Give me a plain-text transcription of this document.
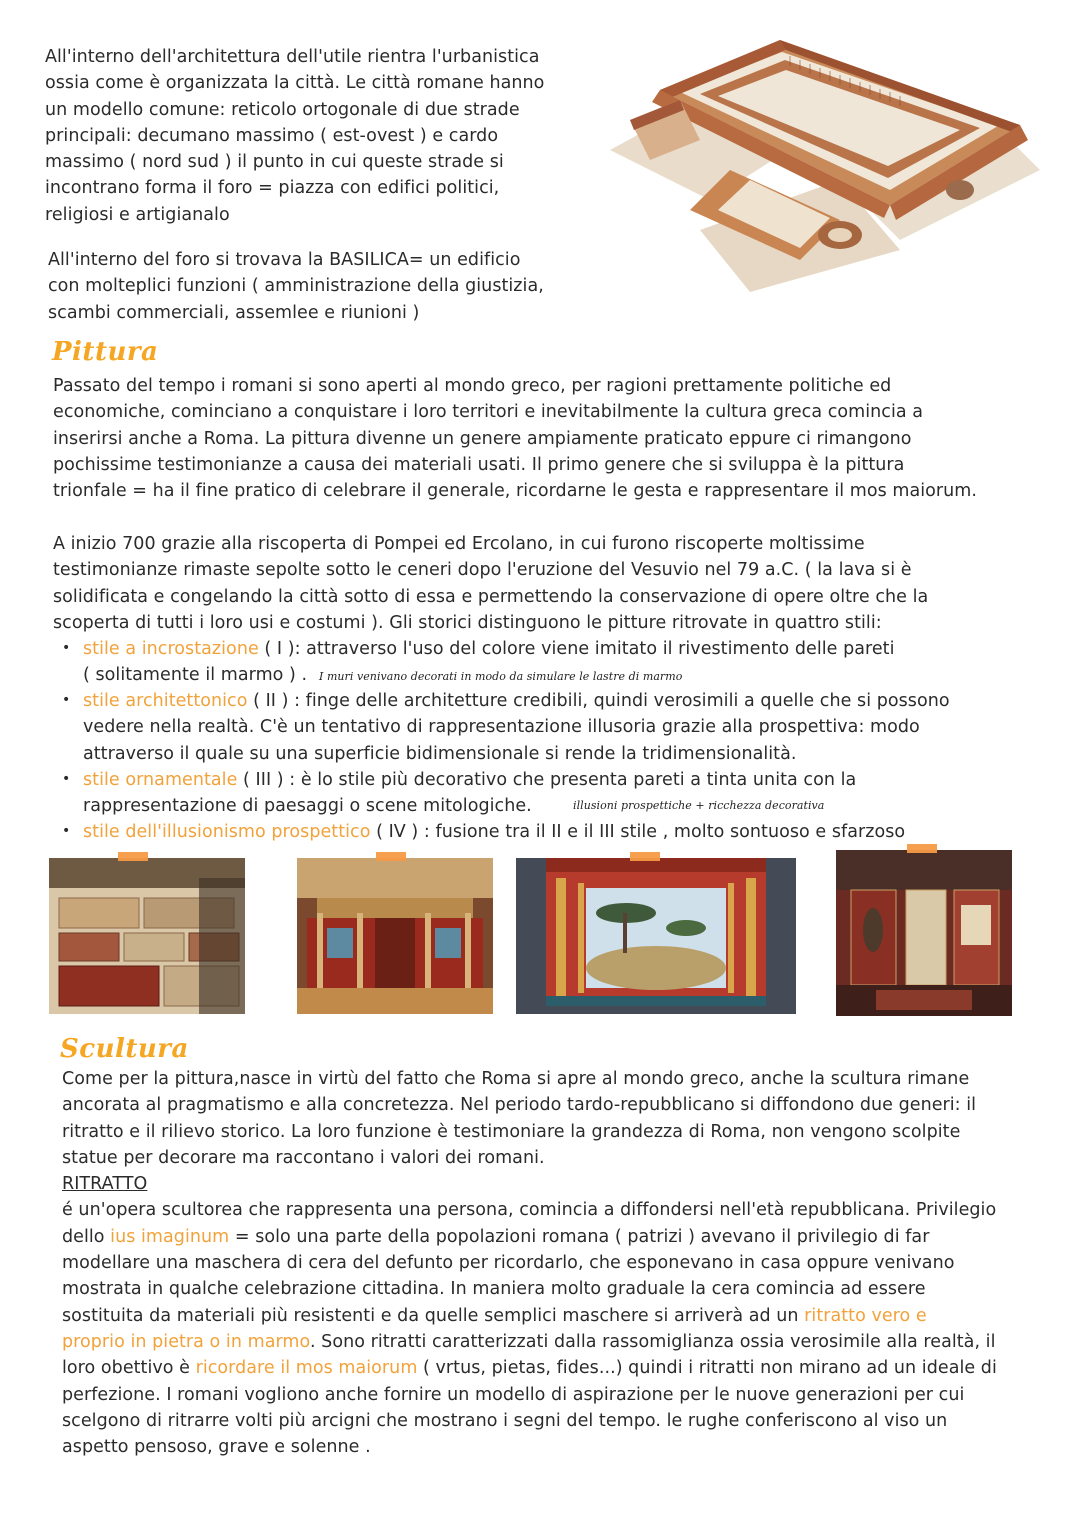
All'interno dell'architettura dell'utile rientra l'urbanistica
ossia come è organizzata la città. Le città romane hanno
un modello comune: reticolo ortogonale di due strade
principali: decumano massimo ( est-ovest ) e cardo
massimo ( nord sud ) il punto in cui queste strade si
incontrano forma il foro = piazza con edifici politici,
religiosi e artigianalo
All'interno del foro si trovava la BASILICA= un edificio
con molteplici funzioni ( amministrazione della giustizia,
scambi commerciali, assemlee e riunioni )
Pittura
Passato del tempo i romani si sono aperti al mondo greco, per ragioni prettamente politiche ed
economiche, cominciano a conquistare i loro territori e inevitabilmente la cultura greca comincia a
inserirsi anche a Roma. La pittura divenne un genere ampiamente praticato eppure ci rimangono
pochissime testimonianze a causa dei materiali usati. Il primo genere che si sviluppa è la pittura
trionfale = ha il fine pratico di celebrare il generale, ricordarne le gesta e rappresentare il mos maiorum.
A inizio 700 grazie alla riscoperta di Pompei ed Ercolano, in cui furono riscoperte moltissime
testimonianze rimaste sepolte sotto le ceneri dopo l'eruzione del Vesuvio nel 79 a.C. ( la lava si è
solidificata e congelando la città sotto di essa e permettendo la conservazione di opere oltre che la
scoperta di tutti i loro usi e costumi ). Gli storici distinguono le pitture ritrovate in quattro stili:
• stile a incrostazione ( I ): attraverso l'uso del colore viene imitato il rivestimento delle pareti
( solitamente il marmo ) . I muri venivano decorati in modo da simulare le lastre di marmo
• stile architettonico ( II ) : finge delle architetture credibili, quindi verosimili a quelle che si possono
vedere nella realtà. C'è un tentativo di rappresentazione illusoria grazie alla prospettiva: modo
attraverso il quale su una superficie bidimensionale si rende la tridimensionalità.
• stile ornamentale ( III ) : è lo stile più decorativo che presenta pareti a tinta unita con la
rappresentazione di paesaggi o scene mitologiche.	illusioni prospettiche + ricchezza decorativa
• stile dell'illusionismo prospettico ( IV ) : fusione tra il II e il III stile , molto sontuoso e sfarzoso
Scultura
Come per la pittura,nasce in virtù del fatto che Roma si apre al mondo greco, anche la scultura rimane
ancorata al pragmatismo e alla concretezza. Nel periodo tardo-repubblicano si diffondono due generi: il
ritratto e il rilievo storico. La loro funzione è testimoniare la grandezza di Roma, non vengono scolpite
statue per decorare ma raccontano i valori dei romani.
RITRATTO
é un'opera scultorea che rappresenta una persona, comincia a diffondersi nell'età repubblicana. Privilegio
dello ius imaginum = solo una parte della popolazioni romana ( patrizi ) avevano il privilegio di far
modellare una maschera di cera del defunto per ricordarlo, che esponevano in casa oppure venivano
mostrata in qualche celebrazione cittadina. In maniera molto graduale la cera comincia ad essere
sostituita da materiali più resistenti e da quelle semplici maschere si arriverà ad un ritratto vero e
proprio in pietra o in marmo. Sono ritratti caratterizzati dalla rassomiglianza ossia verosimile alla realtà, il
loro obettivo è ricordare il mos maiorum ( vrtus, pietas, fides...) quindi i ritratti non mirano ad un ideale di
perfezione. I romani vogliono anche fornire un modello di aspirazione per le nuove generazioni per cui
scelgono di ritrarre volti più arcigni che mostrano i segni del tempo. le rughe conferiscono al viso un
aspetto pensoso, grave e solenne .
